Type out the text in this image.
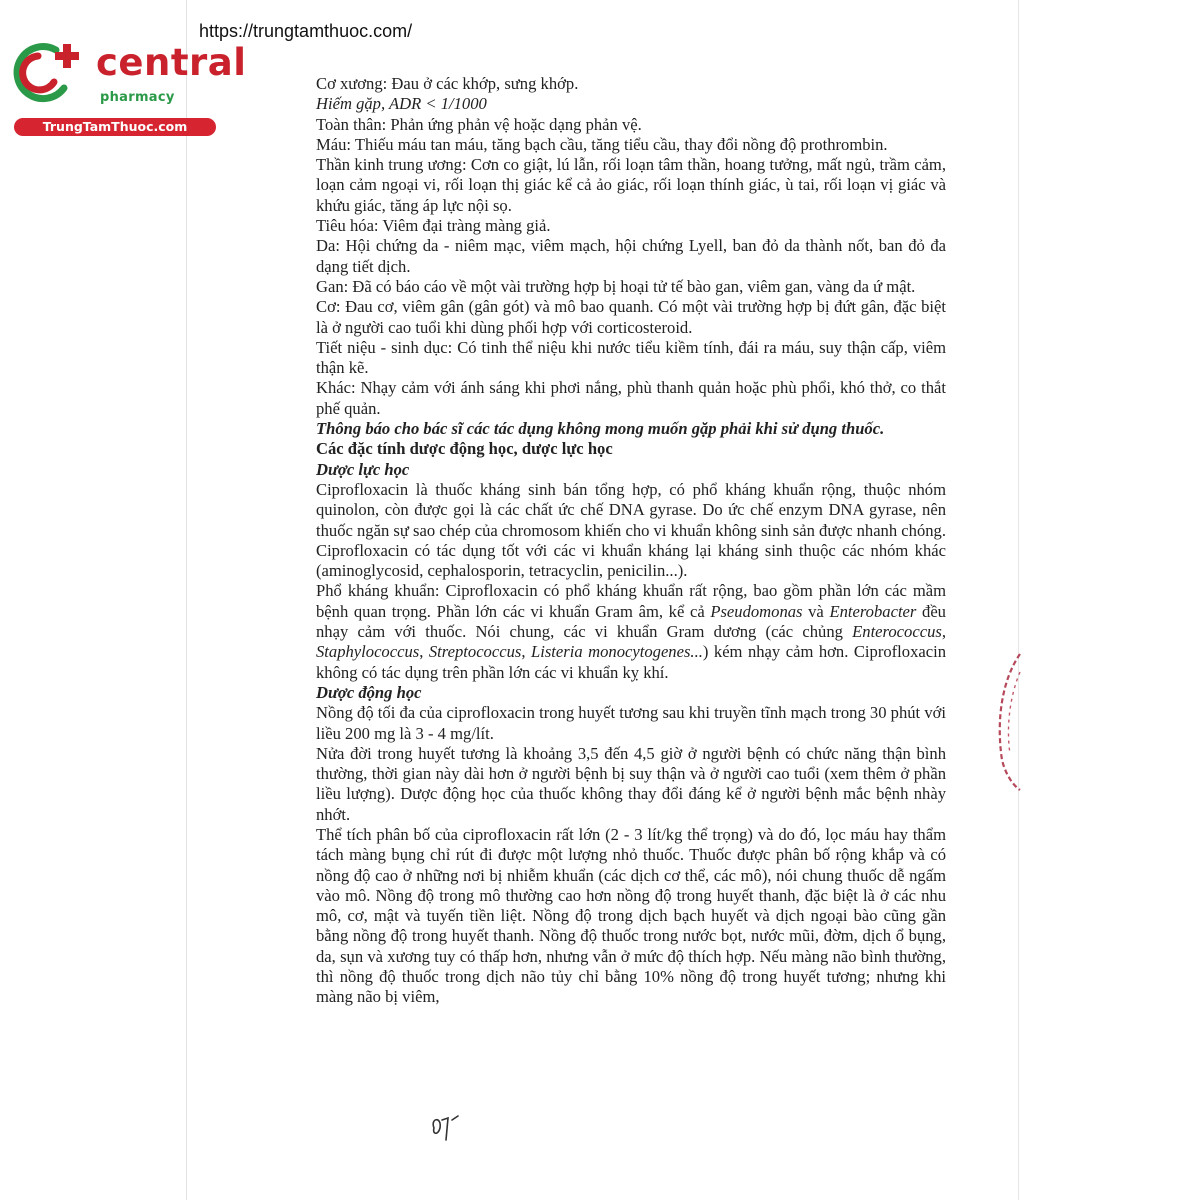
https://trungtamthuoc.com/
central
pharmacy
TrungTamThuoc.com

Cơ xương: Đau ở các khớp, sưng khớp.

Hiếm gặp, ADR < 1/1000

Toàn thân: Phản ứng phản vệ hoặc dạng phản vệ.

Máu: Thiếu máu tan máu, tăng bạch cầu, tăng tiểu cầu, thay đổi nồng độ prothrombin.

Thần kinh trung ương: Cơn co giật, lú lẫn, rối loạn tâm thần, hoang tưởng, mất ngủ, trầm cảm, loạn cảm ngoại vi, rối loạn thị giác kể cả ảo giác, rối loạn thính giác, ù tai, rối loạn vị giác và khứu giác, tăng áp lực nội sọ.

Tiêu hóa: Viêm đại tràng màng giả.

Da: Hội chứng da - niêm mạc, viêm mạch, hội chứng Lyell, ban đỏ da thành nốt, ban đỏ đa dạng tiết dịch.

Gan: Đã có báo cáo về một vài trường hợp bị hoại tử tế bào gan, viêm gan, vàng da ứ mật.

Cơ: Đau cơ, viêm gân (gân gót) và mô bao quanh. Có một vài trường hợp bị đứt gân, đặc biệt là ở người cao tuổi khi dùng phối hợp với corticosteroid.

Tiết niệu - sinh dục: Có tinh thể niệu khi nước tiểu kiềm tính, đái ra máu, suy thận cấp, viêm thận kẽ.

Khác: Nhạy cảm với ánh sáng khi phơi nắng, phù thanh quản hoặc phù phổi, khó thở, co thắt phế quản.

Thông báo cho bác sĩ các tác dụng không mong muốn gặp phải khi sử dụng thuốc.

Các đặc tính dược động học, dược lực học

Dược lực học

Ciprofloxacin là thuốc kháng sinh bán tổng hợp, có phổ kháng khuẩn rộng, thuộc nhóm quinolon, còn được gọi là các chất ức chế DNA gyrase. Do ức chế enzym DNA gyrase, nên thuốc ngăn sự sao chép của chromosom khiến cho vi khuẩn không sinh sản được nhanh chóng. Ciprofloxacin có tác dụng tốt với các vi khuẩn kháng lại kháng sinh thuộc các nhóm khác (aminoglycosid, cephalosporin, tetracyclin, penicilin...).

Phổ kháng khuẩn: Ciprofloxacin có phổ kháng khuẩn rất rộng, bao gồm phần lớn các mầm bệnh quan trọng. Phần lớn các vi khuẩn Gram âm, kể cả Pseudomonas và Enterobacter đều nhạy cảm với thuốc. Nói chung, các vi khuẩn Gram dương (các chủng Enterococcus, Staphylococcus, Streptococcus, Listeria monocytogenes...) kém nhạy cảm hơn. Ciprofloxacin không có tác dụng trên phần lớn các vi khuẩn kỵ khí.

Dược động học

Nồng độ tối đa của ciprofloxacin trong huyết tương sau khi truyền tĩnh mạch trong 30 phút với liều 200 mg là 3 - 4 mg/lít.

Nửa đời trong huyết tương là khoảng 3,5 đến 4,5 giờ ở người bệnh có chức năng thận bình thường, thời gian này dài hơn ở người bệnh bị suy thận và ở người cao tuổi (xem thêm ở phần liều lượng). Dược động học của thuốc không thay đổi đáng kể ở người bệnh mắc bệnh nhày nhớt.

Thể tích phân bố của ciprofloxacin rất lớn (2 - 3 lít/kg thể trọng) và do đó, lọc máu hay thẩm tách màng bụng chỉ rút đi được một lượng nhỏ thuốc. Thuốc được phân bố rộng khắp và có nồng độ cao ở những nơi bị nhiễm khuẩn (các dịch cơ thể, các mô), nói chung thuốc dễ ngấm vào mô. Nồng độ trong mô thường cao hơn nồng độ trong huyết thanh, đặc biệt là ở các nhu mô, cơ, mật và tuyến tiền liệt. Nồng độ trong dịch bạch huyết và dịch ngoại bào cũng gần bằng nồng độ trong huyết thanh. Nồng độ thuốc trong nước bọt, nước mũi, đờm, dịch ổ bụng, da, sụn và xương tuy có thấp hơn, nhưng vẫn ở mức độ thích hợp. Nếu màng não bình thường, thì nồng độ thuốc trong dịch não tủy chỉ bằng 10% nồng độ trong huyết tương; nhưng khi màng não bị viêm,
